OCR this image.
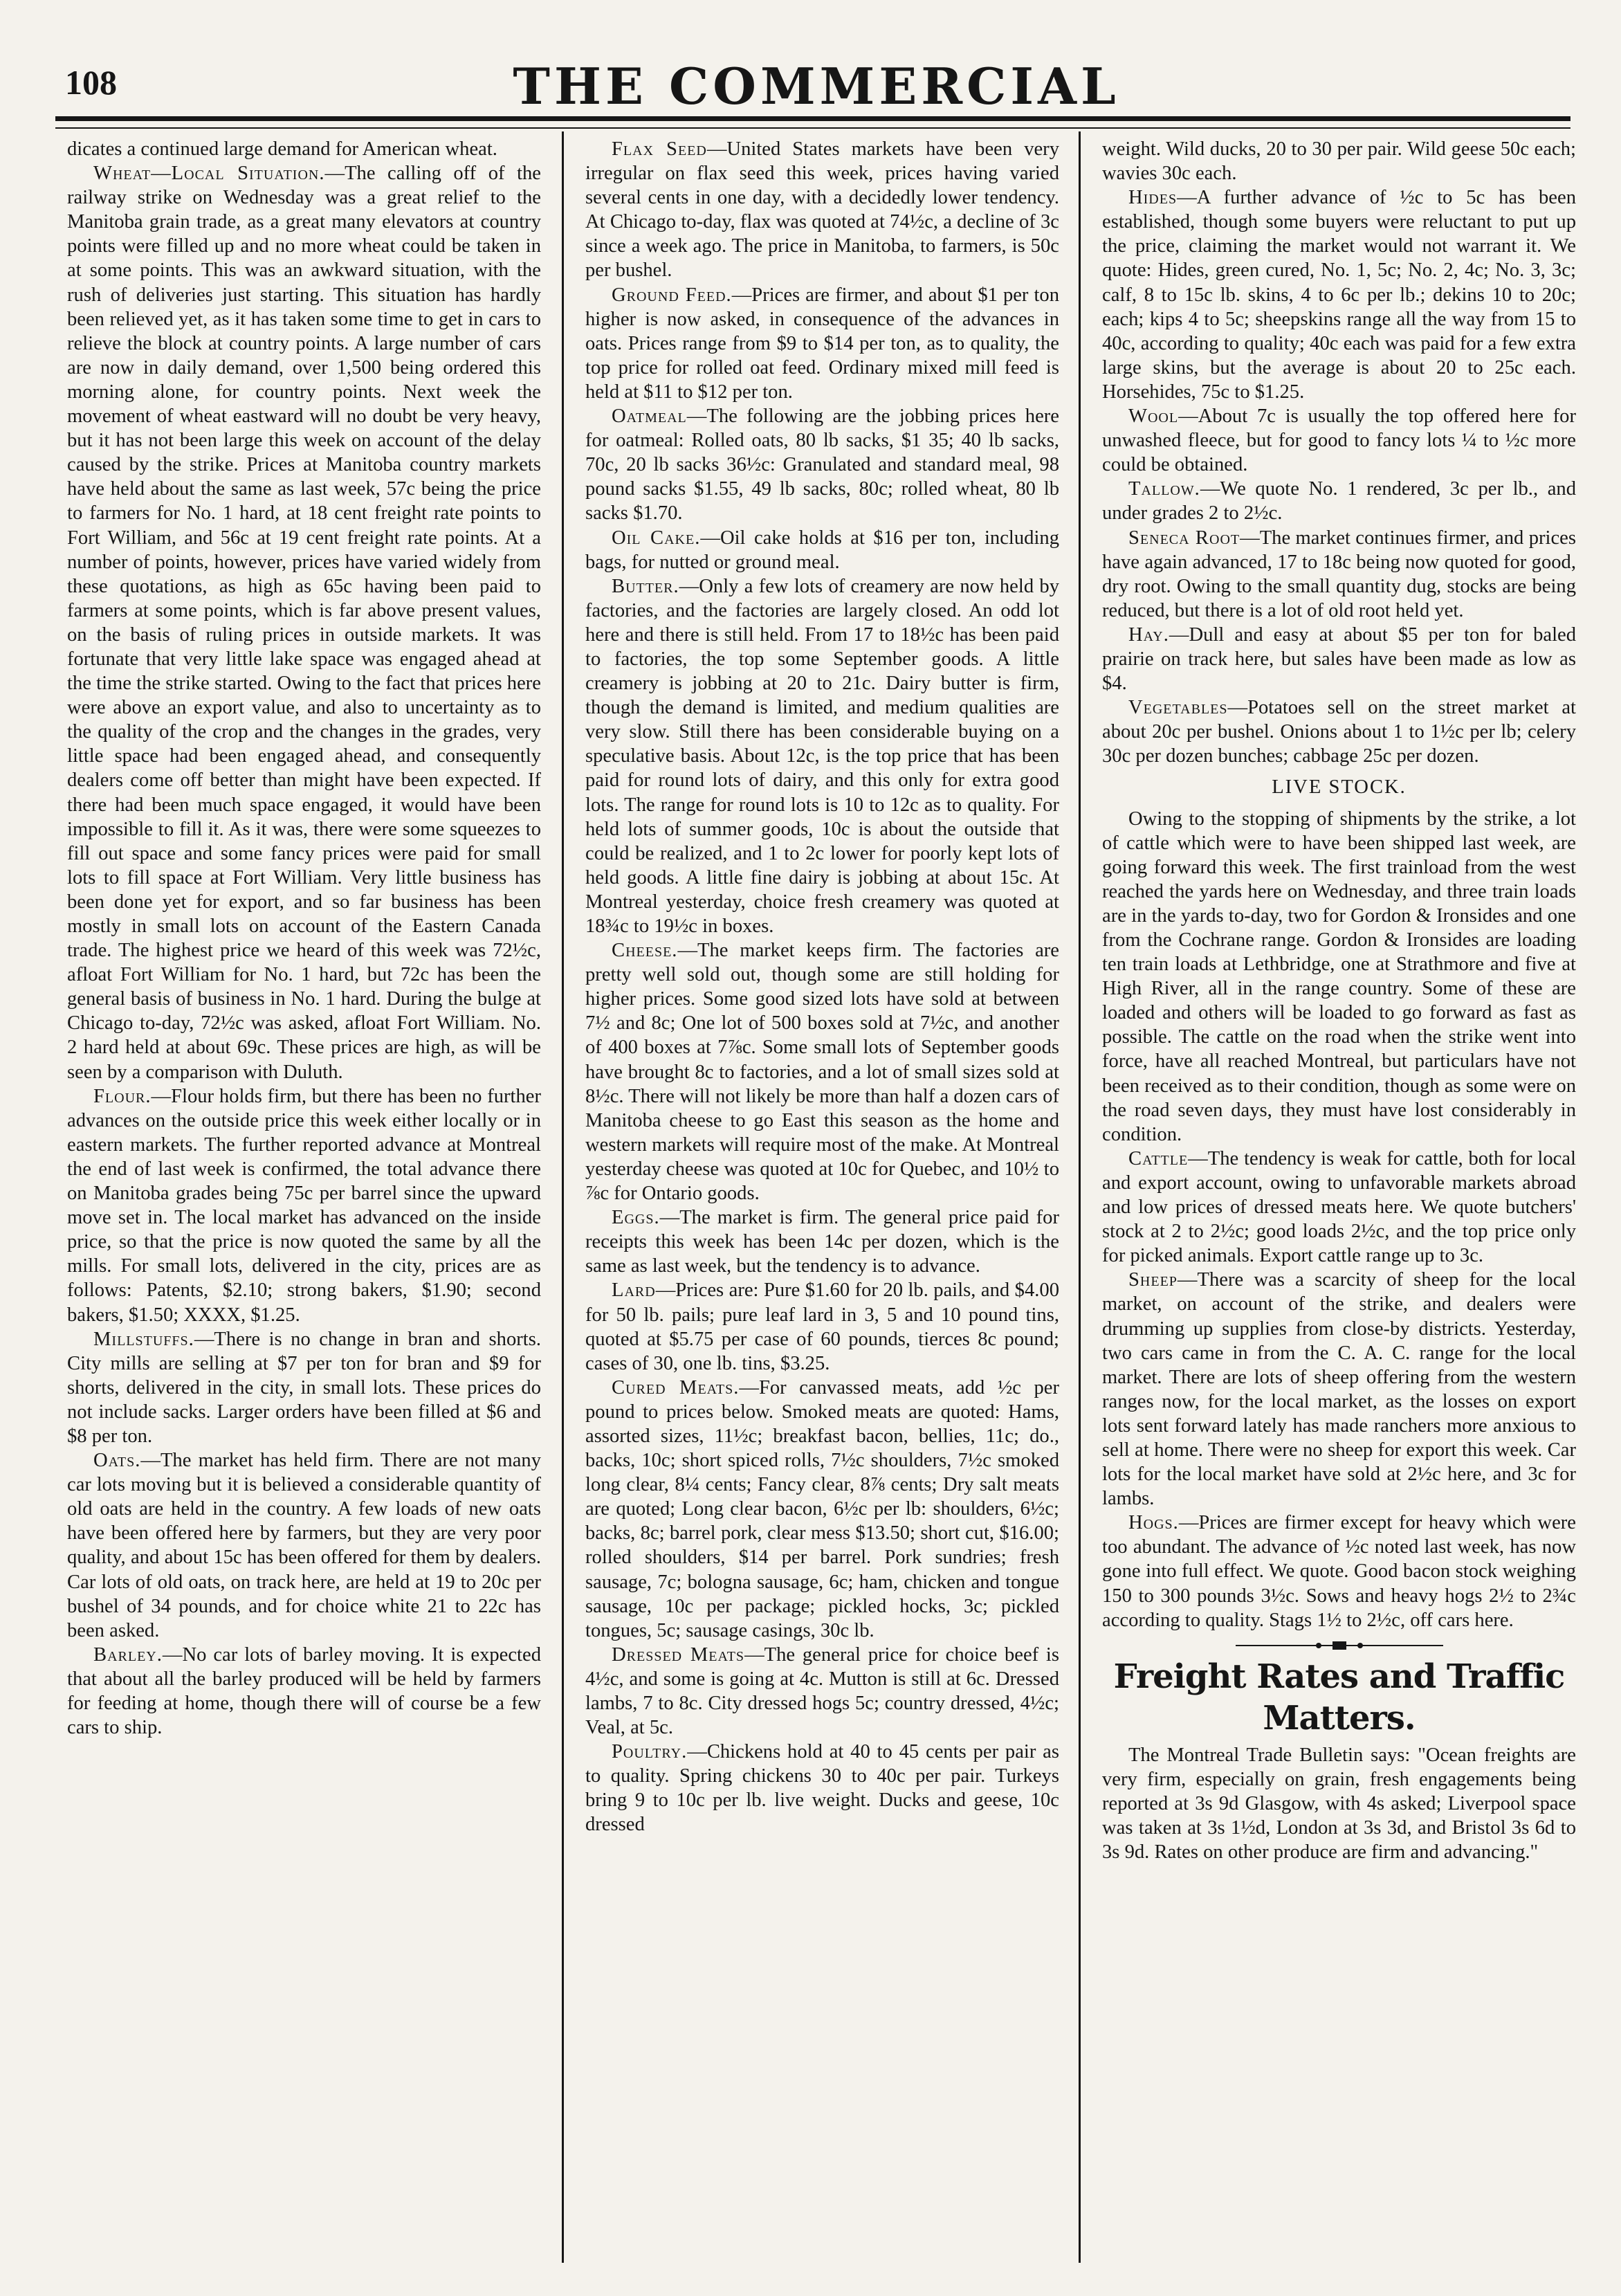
108	THE COMMERCIAL

dicates a continued large demand for American wheat.

Wheat—Local Situation.—The calling off of the railway strike on Wednesday was a great relief to the Manitoba grain trade, as a great many elevators at country points were filled up and no more wheat could be taken in at some points. This was an awkward situation, with the rush of deliveries just starting. This situation has hardly been relieved yet, as it has taken some time to get in cars to relieve the block at country points. A large number of cars are now in daily demand, over 1,500 being ordered this morning alone, for country points. Next week the movement of wheat eastward will no doubt be very heavy, but it has not been large this week on account of the delay caused by the strike. Prices at Manitoba country markets have held about the same as last week, 57c being the price to farmers for No. 1 hard, at 18 cent freight rate points to Fort William, and 56c at 19 cent freight rate points. At a number of points, however, prices have varied widely from these quotations, as high as 65c having been paid to farmers at some points, which is far above present values, on the basis of ruling prices in outside markets. It was fortunate that very little lake space was engaged ahead at the time the strike started. Owing to the fact that prices here were above an export value, and also to uncertainty as to the quality of the crop and the changes in the grades, very little space had been engaged ahead, and consequently dealers come off better than might have been expected. If there had been much space engaged, it would have been impossible to fill it. As it was, there were some squeezes to fill out space and some fancy prices were paid for small lots to fill space at Fort William. Very little business has been done yet for export, and so far business has been mostly in small lots on account of the Eastern Canada trade. The highest price we heard of this week was 72½c, afloat Fort William for No. 1 hard, but 72c has been the general basis of business in No. 1 hard. During the bulge at Chicago to-day, 72½c was asked, afloat Fort William. No. 2 hard held at about 69c. These prices are high, as will be seen by a comparison with Duluth.

Flour.—Flour holds firm, but there has been no further advances on the outside price this week either locally or in eastern markets. The further reported advance at Montreal the end of last week is confirmed, the total advance there on Manitoba grades being 75c per barrel since the upward move set in. The local market has advanced on the inside price, so that the price is now quoted the same by all the mills. For small lots, delivered in the city, prices are as follows: Patents, $2.10; strong bakers, $1.90; second bakers, $1.50; XXXX, $1.25.

Millstuffs.—There is no change in bran and shorts. City mills are selling at $7 per ton for bran and $9 for shorts, delivered in the city, in small lots. These prices do not include sacks. Larger orders have been filled at $6 and $8 per ton.

Oats.—The market has held firm. There are not many car lots moving but it is believed a considerable quantity of old oats are held in the country. A few loads of new oats have been offered here by farmers, but they are very poor quality, and about 15c has been offered for them by dealers. Car lots of old oats, on track here, are held at 19 to 20c per bushel of 34 pounds, and for choice white 21 to 22c has been asked.

Barley.—No car lots of barley moving. It is expected that about all the barley produced will be held by farmers for feeding at home, though there will of course be a few cars to ship.

Flax Seed—United States markets have been very irregular on flax seed this week, prices having varied several cents in one day, with a decidedly lower tendency. At Chicago to-day, flax was quoted at 74½c, a decline of 3c since a week ago. The price in Manitoba, to farmers, is 50c per bushel.

Ground Feed.—Prices are firmer, and about $1 per ton higher is now asked, in consequence of the advances in oats. Prices range from $9 to $14 per ton, as to quality, the top price for rolled oat feed. Ordinary mixed mill feed is held at $11 to $12 per ton.

Oatmeal—The following are the jobbing prices here for oatmeal: Rolled oats, 80 lb sacks, $1 35; 40 lb sacks, 70c, 20 lb sacks 36½c: Granulated and standard meal, 98 pound sacks $1.55, 49 lb sacks, 80c; rolled wheat, 80 lb sacks $1.70.

Oil Cake.—Oil cake holds at $16 per ton, including bags, for nutted or ground meal.

Butter.—Only a few lots of creamery are now held by factories, and the factories are largely closed. An odd lot here and there is still held. From 17 to 18½c has been paid to factories, the top some September goods. A little creamery is jobbing at 20 to 21c. Dairy butter is firm, though the demand is limited, and medium qualities are very slow. Still there has been considerable buying on a speculative basis. About 12c, is the top price that has been paid for round lots of dairy, and this only for extra good lots. The range for round lots is 10 to 12c as to quality. For held lots of summer goods, 10c is about the outside that could be realized, and 1 to 2c lower for poorly kept lots of held goods. A little fine dairy is jobbing at about 15c. At Montreal yesterday, choice fresh creamery was quoted at 18¾c to 19½c in boxes.

Cheese.—The market keeps firm. The factories are pretty well sold out, though some are still holding for higher prices. Some good sized lots have sold at between 7½ and 8c; One lot of 500 boxes sold at 7½c, and another of 400 boxes at 7⅞c. Some small lots of September goods have brought 8c to factories, and a lot of small sizes sold at 8½c. There will not likely be more than half a dozen cars of Manitoba cheese to go East this season as the home and western markets will require most of the make. At Montreal yesterday cheese was quoted at 10c for Quebec, and 10½ to ⅞c for Ontario goods.

Eggs.—The market is firm. The general price paid for receipts this week has been 14c per dozen, which is the same as last week, but the tendency is to advance.

Lard—Prices are: Pure $1.60 for 20 lb. pails, and $4.00 for 50 lb. pails; pure leaf lard in 3, 5 and 10 pound tins, quoted at $5.75 per case of 60 pounds, tierces 8c pound; cases of 30, one lb. tins, $3.25.

Cured Meats.—For canvassed meats, add ½c per pound to prices below. Smoked meats are quoted: Hams, assorted sizes, 11½c; breakfast bacon, bellies, 11c; do., backs, 10c; short spiced rolls, 7½c shoulders, 7½c smoked long clear, 8¼ cents; Fancy clear, 8⅞ cents; Dry salt meats are quoted; Long clear bacon, 6½c per lb: shoulders, 6½c; backs, 8c; barrel pork, clear mess $13.50; short cut, $16.00; rolled shoulders, $14 per barrel. Pork sundries; fresh sausage, 7c; bologna sausage, 6c; ham, chicken and tongue sausage, 10c per package; pickled hocks, 3c; pickled tongues, 5c; sausage casings, 30c lb.

Dressed Meats—The general price for choice beef is 4½c, and some is going at 4c. Mutton is still at 6c. Dressed lambs, 7 to 8c. City dressed hogs 5c; country dressed, 4½c; Veal, at 5c.

Poultry.—Chickens hold at 40 to 45 cents per pair as to quality. Spring chickens 30 to 40c per pair. Turkeys bring 9 to 10c per lb. live weight. Ducks and geese, 10c dressed

weight. Wild ducks, 20 to 30 per pair. Wild geese 50c each; wavies 30c each.

Hides—A further advance of ½c to 5c has been established, though some buyers were reluctant to put up the price, claiming the market would not warrant it. We quote: Hides, green cured, No. 1, 5c; No. 2, 4c; No. 3, 3c; calf, 8 to 15c lb. skins, 4 to 6c per lb.; dekins 10 to 20c; each; kips 4 to 5c; sheepskins range all the way from 15 to 40c, according to quality; 40c each was paid for a few extra large skins, but the average is about 20 to 25c each. Horsehides, 75c to $1.25.

Wool—About 7c is usually the top offered here for unwashed fleece, but for good to fancy lots ¼ to ½c more could be obtained.

Tallow.—We quote No. 1 rendered, 3c per lb., and under grades 2 to 2½c.

Seneca Root—The market continues firmer, and prices have again advanced, 17 to 18c being now quoted for good, dry root. Owing to the small quantity dug, stocks are being reduced, but there is a lot of old root held yet.

Hay.—Dull and easy at about $5 per ton for baled prairie on track here, but sales have been made as low as $4.

Vegetables—Potatoes sell on the street market at about 20c per bushel. Onions about 1 to 1½c per lb; celery 30c per dozen bunches; cabbage 25c per dozen.

LIVE STOCK.

Owing to the stopping of shipments by the strike, a lot of cattle which were to have been shipped last week, are going forward this week. The first trainload from the west reached the yards here on Wednesday, and three train loads are in the yards to-day, two for Gordon & Ironsides and one from the Cochrane range. Gordon & Ironsides are loading ten train loads at Lethbridge, one at Strathmore and five at High River, all in the range country. Some of these are loaded and others will be loaded to go forward as fast as possible. The cattle on the road when the strike went into force, have all reached Montreal, but particulars have not been received as to their condition, though as some were on the road seven days, they must have lost considerably in condition.

Cattle—The tendency is weak for cattle, both for local and export account, owing to unfavorable markets abroad and low prices of dressed meats here. We quote butchers' stock at 2 to 2½c; good loads 2½c, and the top price only for picked animals. Export cattle range up to 3c.

Sheep—There was a scarcity of sheep for the local market, on account of the strike, and dealers were drumming up supplies from close-by districts. Yesterday, two cars came in from the C. A. C. range for the local market. There are lots of sheep offering from the western ranges now, for the local market, as the losses on export lots sent forward lately has made ranchers more anxious to sell at home. There were no sheep for export this week. Car lots for the local market have sold at 2½c here, and 3c for lambs.

Hogs.—Prices are firmer except for heavy which were too abundant. The advance of ½c noted last week, has now gone into full effect. We quote. Good bacon stock weighing 150 to 300 pounds 3½c. Sows and heavy hogs 2½ to 2¾c according to quality. Stags 1½ to 2½c, off cars here.

Freight Rates and Traffic Matters.

The Montreal Trade Bulletin says: "Ocean freights are very firm, especially on grain, fresh engagements being reported at 3s 9d Glasgow, with 4s asked; Liverpool space was taken at 3s 1½d, London at 3s 3d, and Bristol 3s 6d to 3s 9d. Rates on other produce are firm and advancing."
